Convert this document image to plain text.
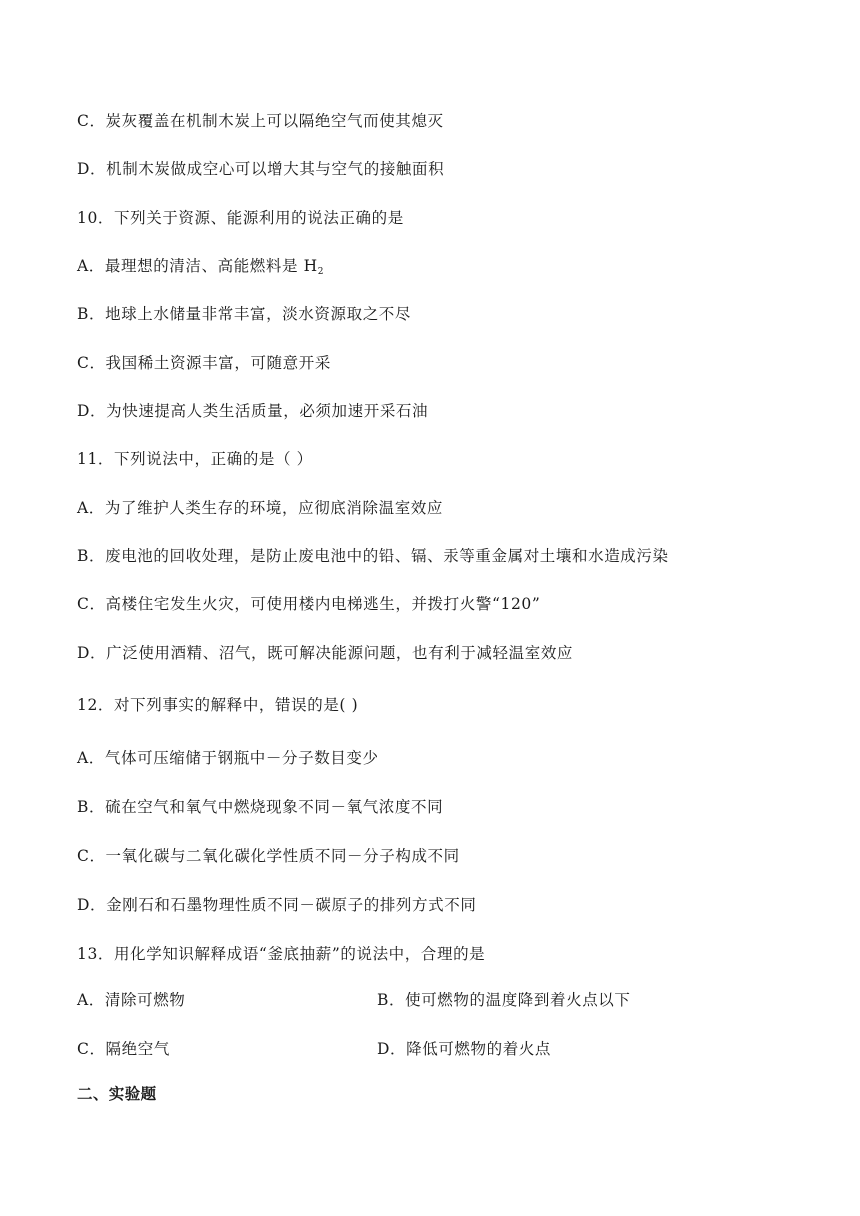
C．炭灰覆盖在机制木炭上可以隔绝空气而使其熄灭
D．机制木炭做成空心可以增大其与空气的接触面积
10．下列关于资源、能源利用的说法正确的是
A．最理想的清洁、高能燃料是 $H_2$
B．地球上水储量非常丰富，淡水资源取之不尽
C．我国稀土资源丰富，可随意开采
D．为快速提高人类生活质量，必须加速开采石油
11．下列说法中，正确的是（ ）
A．为了维护人类生存的环境，应彻底消除温室效应
B．废电池的回收处理，是防止废电池中的铅、镉、汞等重金属对土壤和水造成污染
C．高楼住宅发生火灾，可使用楼内电梯逃生，并拨打火警“120”
D．广泛使用酒精、沼气，既可解决能源问题，也有利于减轻温室效应
12．对下列事实的解释中，错误的是( )
A．气体可压缩储于钢瓶中－分子数目变少
B．硫在空气和氧气中燃烧现象不同－氧气浓度不同
C．一氧化碳与二氧化碳化学性质不同－分子构成不同
D．金刚石和石墨物理性质不同－碳原子的排列方式不同
13．用化学知识解释成语“釜底抽薪”的说法中，合理的是
A．清除可燃物	B．使可燃物的温度降到着火点以下
C．隔绝空气	D．降低可燃物的着火点
二、实验题
